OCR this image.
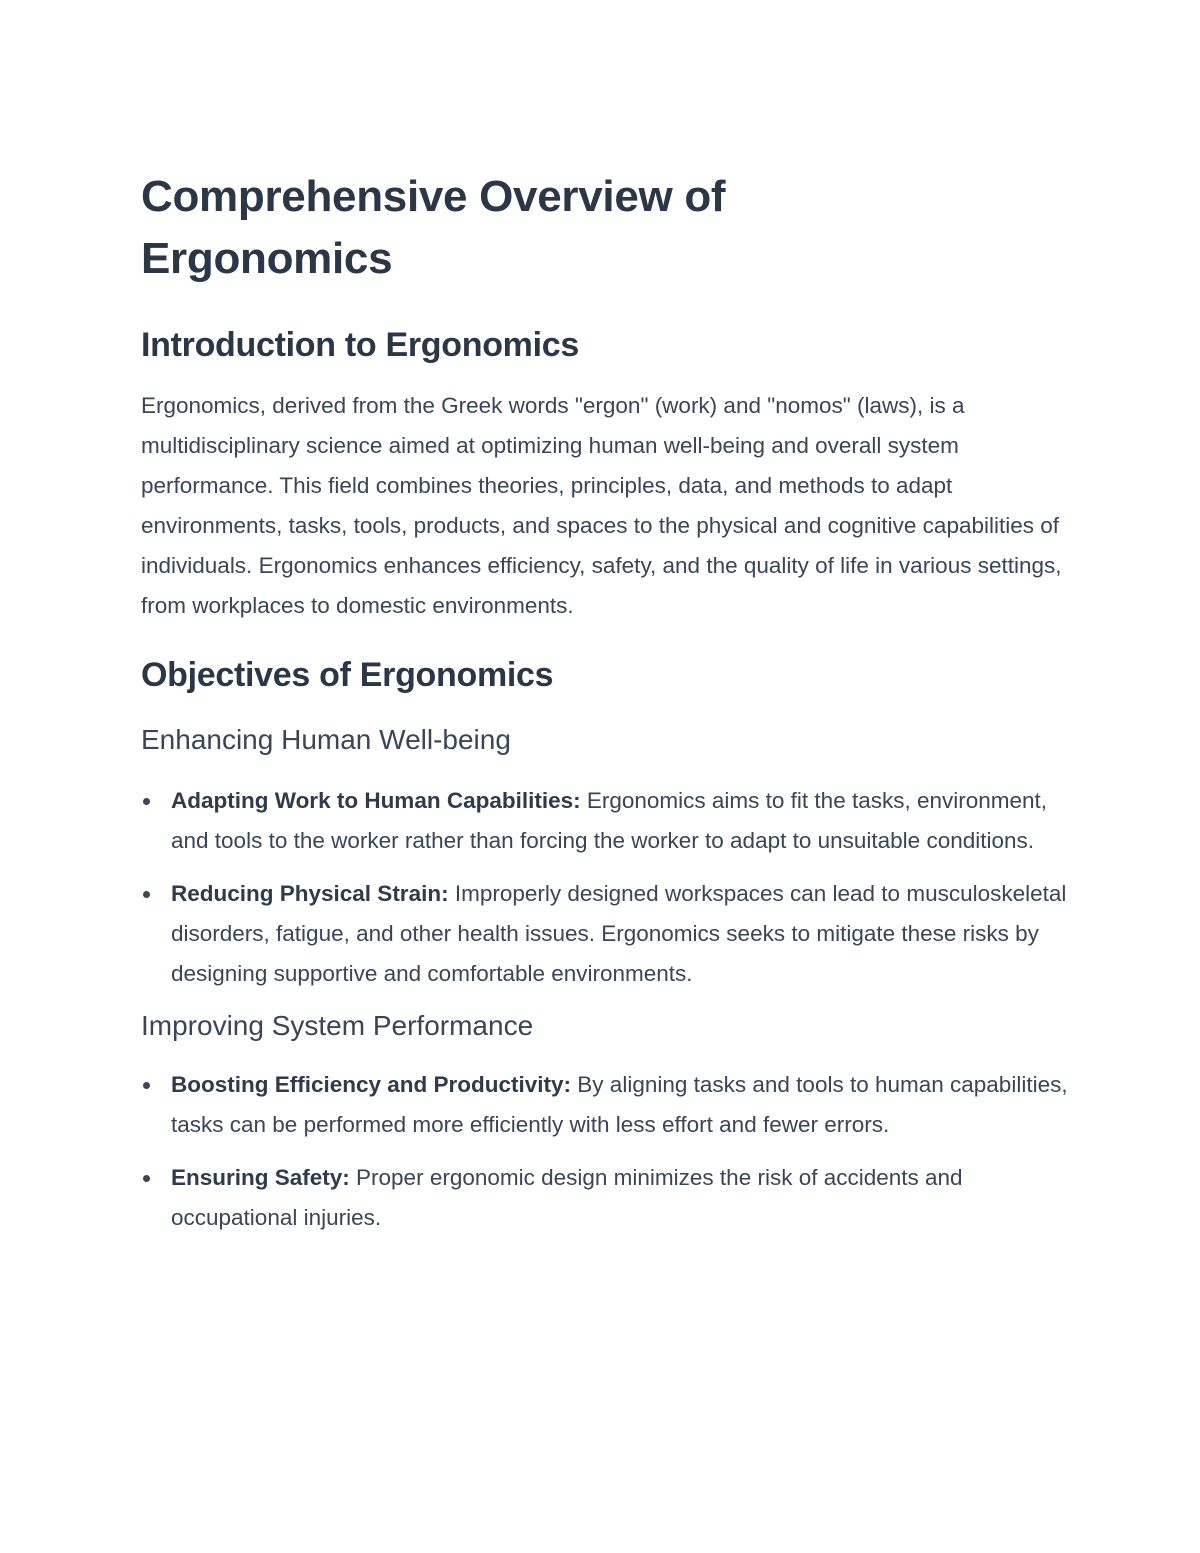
Comprehensive Overview of Ergonomics
Introduction to Ergonomics

Ergonomics, derived from the Greek words "ergon" (work) and "nomos" (laws), is a multidisciplinary science aimed at optimizing human well-being and overall system performance. This field combines theories, principles, data, and methods to adapt environments, tasks, tools, products, and spaces to the physical and cognitive capabilities of individuals. Ergonomics enhances efficiency, safety, and the quality of life in various settings, from workplaces to domestic environments.

Objectives of Ergonomics
Enhancing Human Well-being
Adapting Work to Human Capabilities: Ergonomics aims to fit the tasks, environment, and tools to the worker rather than forcing the worker to adapt to unsuitable conditions.
Reducing Physical Strain: Improperly designed workspaces can lead to musculoskeletal disorders, fatigue, and other health issues. Ergonomics seeks to mitigate these risks by designing supportive and comfortable environments.
Improving System Performance
Boosting Efficiency and Productivity: By aligning tasks and tools to human capabilities, tasks can be performed more efficiently with less effort and fewer errors.
Ensuring Safety: Proper ergonomic design minimizes the risk of accidents and occupational injuries.
